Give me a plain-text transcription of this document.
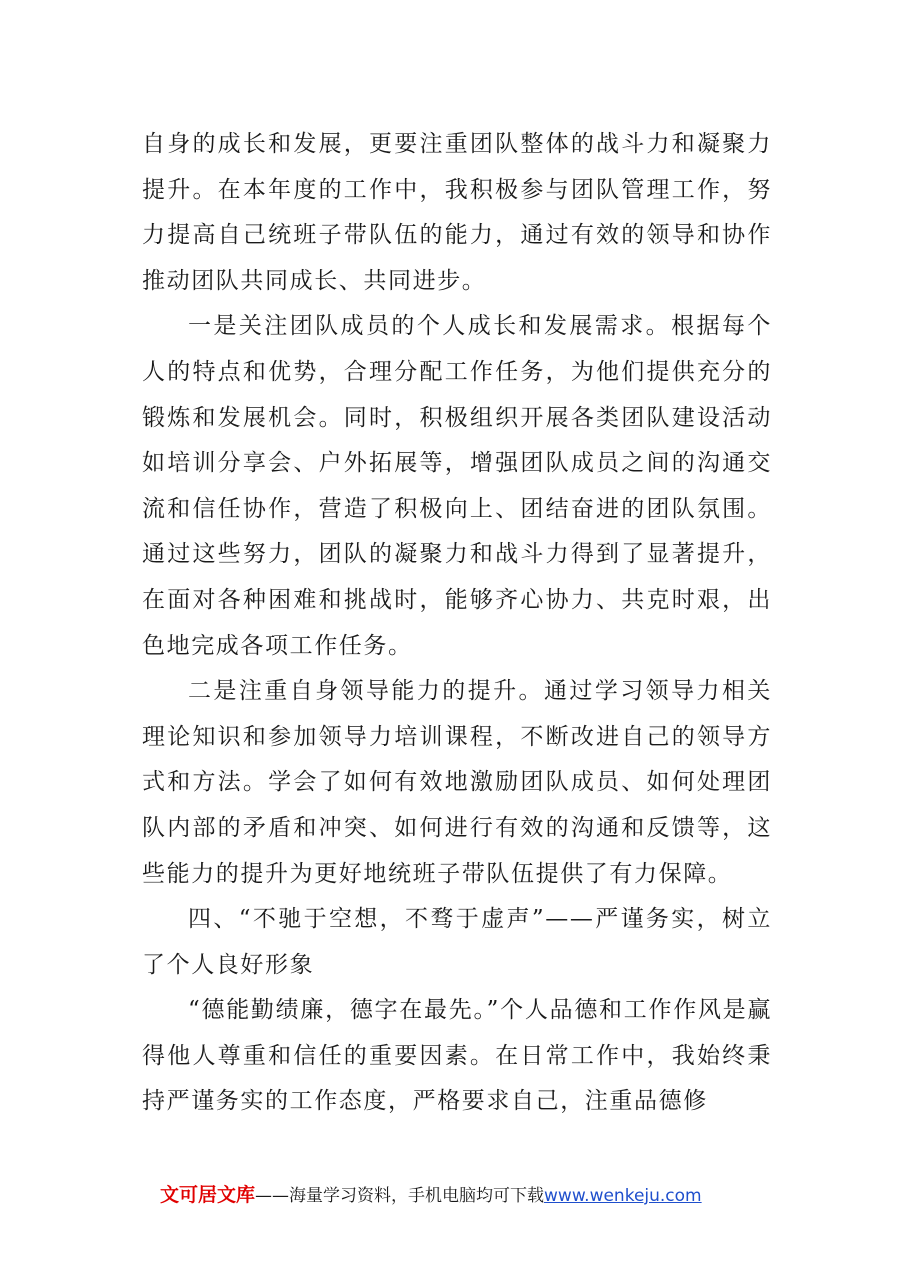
自身的成长和发展，更要注重团队整体的战斗力和凝聚力提升。在本年度的工作中，我积极参与团队管理工作，努力提高自己统班子带队伍的能力，通过有效的领导和协作推动团队共同成长、共同进步。

一是关注团队成员的个人成长和发展需求。根据每个人的特点和优势，合理分配工作任务，为他们提供充分的锻炼和发展机会。同时，积极组织开展各类团队建设活动如培训分享会、户外拓展等，增强团队成员之间的沟通交流和信任协作，营造了积极向上、团结奋进的团队氛围。通过这些努力，团队的凝聚力和战斗力得到了显著提升，在面对各种困难和挑战时，能够齐心协力、共克时艰，出色地完成各项工作任务。

二是注重自身领导能力的提升。通过学习领导力相关理论知识和参加领导力培训课程，不断改进自己的领导方式和方法。学会了如何有效地激励团队成员、如何处理团队内部的矛盾和冲突、如何进行有效的沟通和反馈等，这些能力的提升为更好地统班子带队伍提供了有力保障。

四、“不驰于空想，不骛于虚声”——严谨务实，树立了个人良好形象

“德能勤绩廉，德字在最先。”个人品德和工作作风是赢得他人尊重和信任的重要因素。在日常工作中，我始终秉持严谨务实的工作态度，严格要求自己，注重品德修

文可居文库——海量学习资料，手机电脑均可下载www.wenkeju.com
